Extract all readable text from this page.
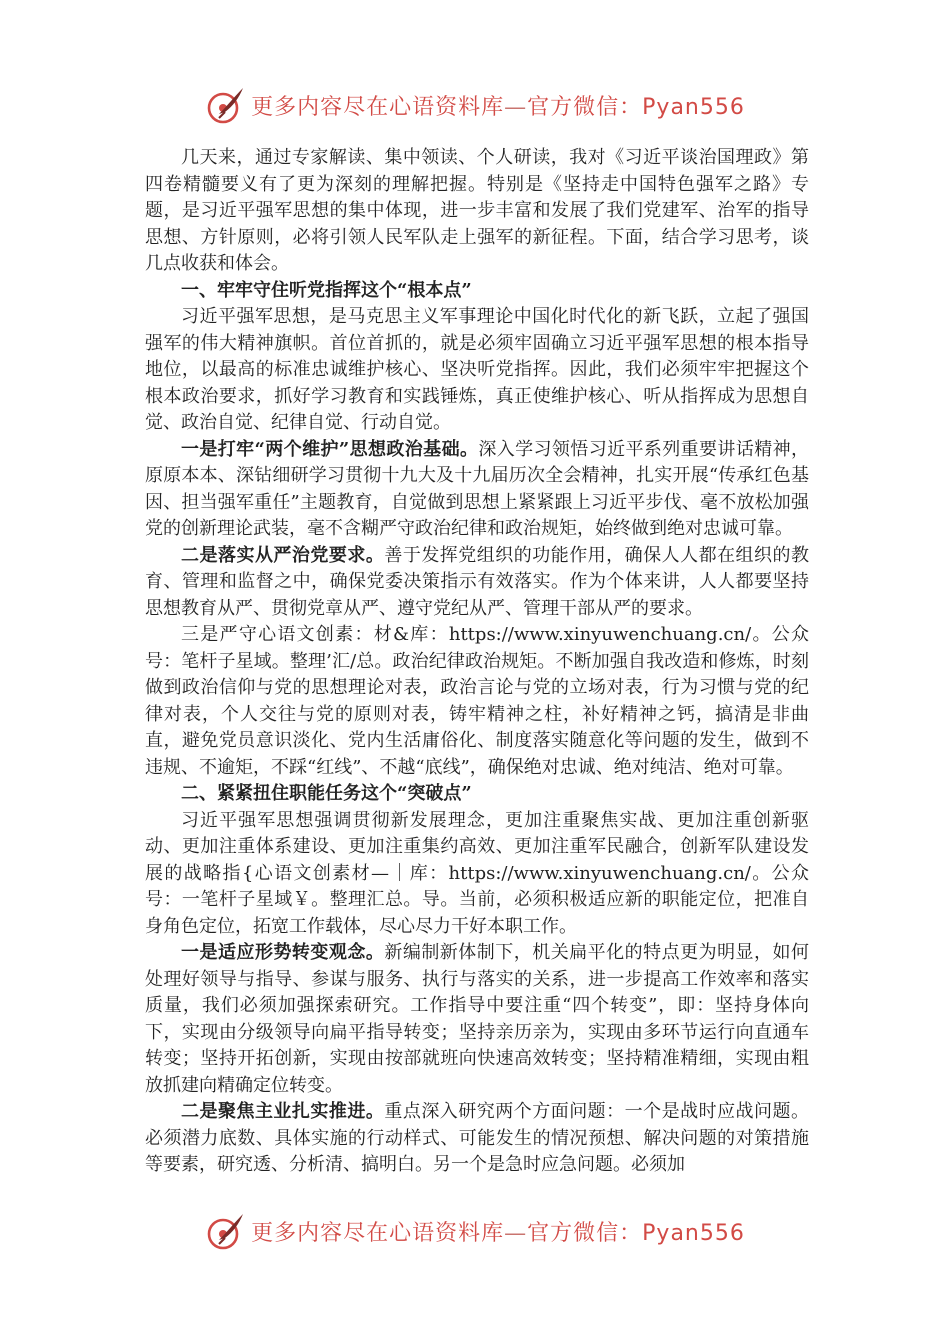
更多内容尽在心语资料库—官方微信：Pyan556

几天来，通过专家解读、集中领读、个人研读，我对《习近平谈治国理政》第四卷精髓要义有了更为深刻的理解把握。特别是《坚持走中国特色强军之路》专题，是习近平强军思想的集中体现，进一步丰富和发展了我们党建军、治军的指导思想、方针原则，必将引领人民军队走上强军的新征程。下面，结合学习思考，谈几点收获和体会。

一、牢牢守住听党指挥这个“根本点”

习近平强军思想，是马克思主义军事理论中国化时代化的新飞跃，立起了强国强军的伟大精神旗帜。首位首抓的，就是必须牢固确立习近平强军思想的根本指导地位，以最高的标准忠诚维护核心、坚决听党指挥。因此，我们必须牢牢把握这个根本政治要求，抓好学习教育和实践锤炼，真正使维护核心、听从指挥成为思想自觉、政治自觉、纪律自觉、行动自觉。

一是打牢“两个维护”思想政治基础。深入学习领悟习近平系列重要讲话精神，原原本本、深钻细研学习贯彻十九大及十九届历次全会精神，扎实开展“传承红色基因、担当强军重任”主题教育，自觉做到思想上紧紧跟上习近平步伐、毫不放松加强党的创新理论武装，毫不含糊严守政治纪律和政治规矩，始终做到绝对忠诚可靠。

二是落实从严治党要求。善于发挥党组织的功能作用，确保人人都在组织的教育、管理和监督之中，确保党委决策指示有效落实。作为个体来讲，人人都要坚持思想教育从严、贯彻党章从严、遵守党纪从严、管理干部从严的要求。

三是严守心语文创素：材&库：https://www.xinyuwenchuang.cn/。公众号：笔杆子星域。整理’汇/总。政治纪律政治规矩。不断加强自我改造和修炼，时刻做到政治信仰与党的思想理论对表，政治言论与党的立场对表，行为习惯与党的纪律对表，个人交往与党的原则对表，铸牢精神之柱，补好精神之钙，搞清是非曲直，避免党员意识淡化、党内生活庸俗化、制度落实随意化等问题的发生，做到不违规、不逾矩，不踩“红线”、不越“底线”，确保绝对忠诚、绝对纯洁、绝对可靠。

二、紧紧扭住职能任务这个“突破点”

习近平强军思想强调贯彻新发展理念，更加注重聚焦实战、更加注重创新驱动、更加注重体系建设、更加注重集约高效、更加注重军民融合，创新军队建设发展的战略指{心语文创素材—｜库：https://www.xinyuwenchuang.cn/。公众号：一笔杆子星域￥。整理汇总。导。当前，必须积极适应新的职能定位，把准自身角色定位，拓宽工作载体，尽心尽力干好本职工作。

一是适应形势转变观念。新编制新体制下，机关扁平化的特点更为明显，如何处理好领导与指导、参谋与服务、执行与落实的关系，进一步提高工作效率和落实质量，我们必须加强探索研究。工作指导中要注重“四个转变”，即：坚持身体向下，实现由分级领导向扁平指导转变；坚持亲历亲为，实现由多环节运行向直通车转变；坚持开拓创新，实现由按部就班向快速高效转变；坚持精准精细，实现由粗放抓建向精确定位转变。

二是聚焦主业扎实推进。重点深入研究两个方面问题：一个是战时应战问题。必须潜力底数、具体实施的行动样式、可能发生的情况预想、解决问题的对策措施等要素，研究透、分析清、搞明白。另一个是急时应急问题。必须加

更多内容尽在心语资料库—官方微信：Pyan556
